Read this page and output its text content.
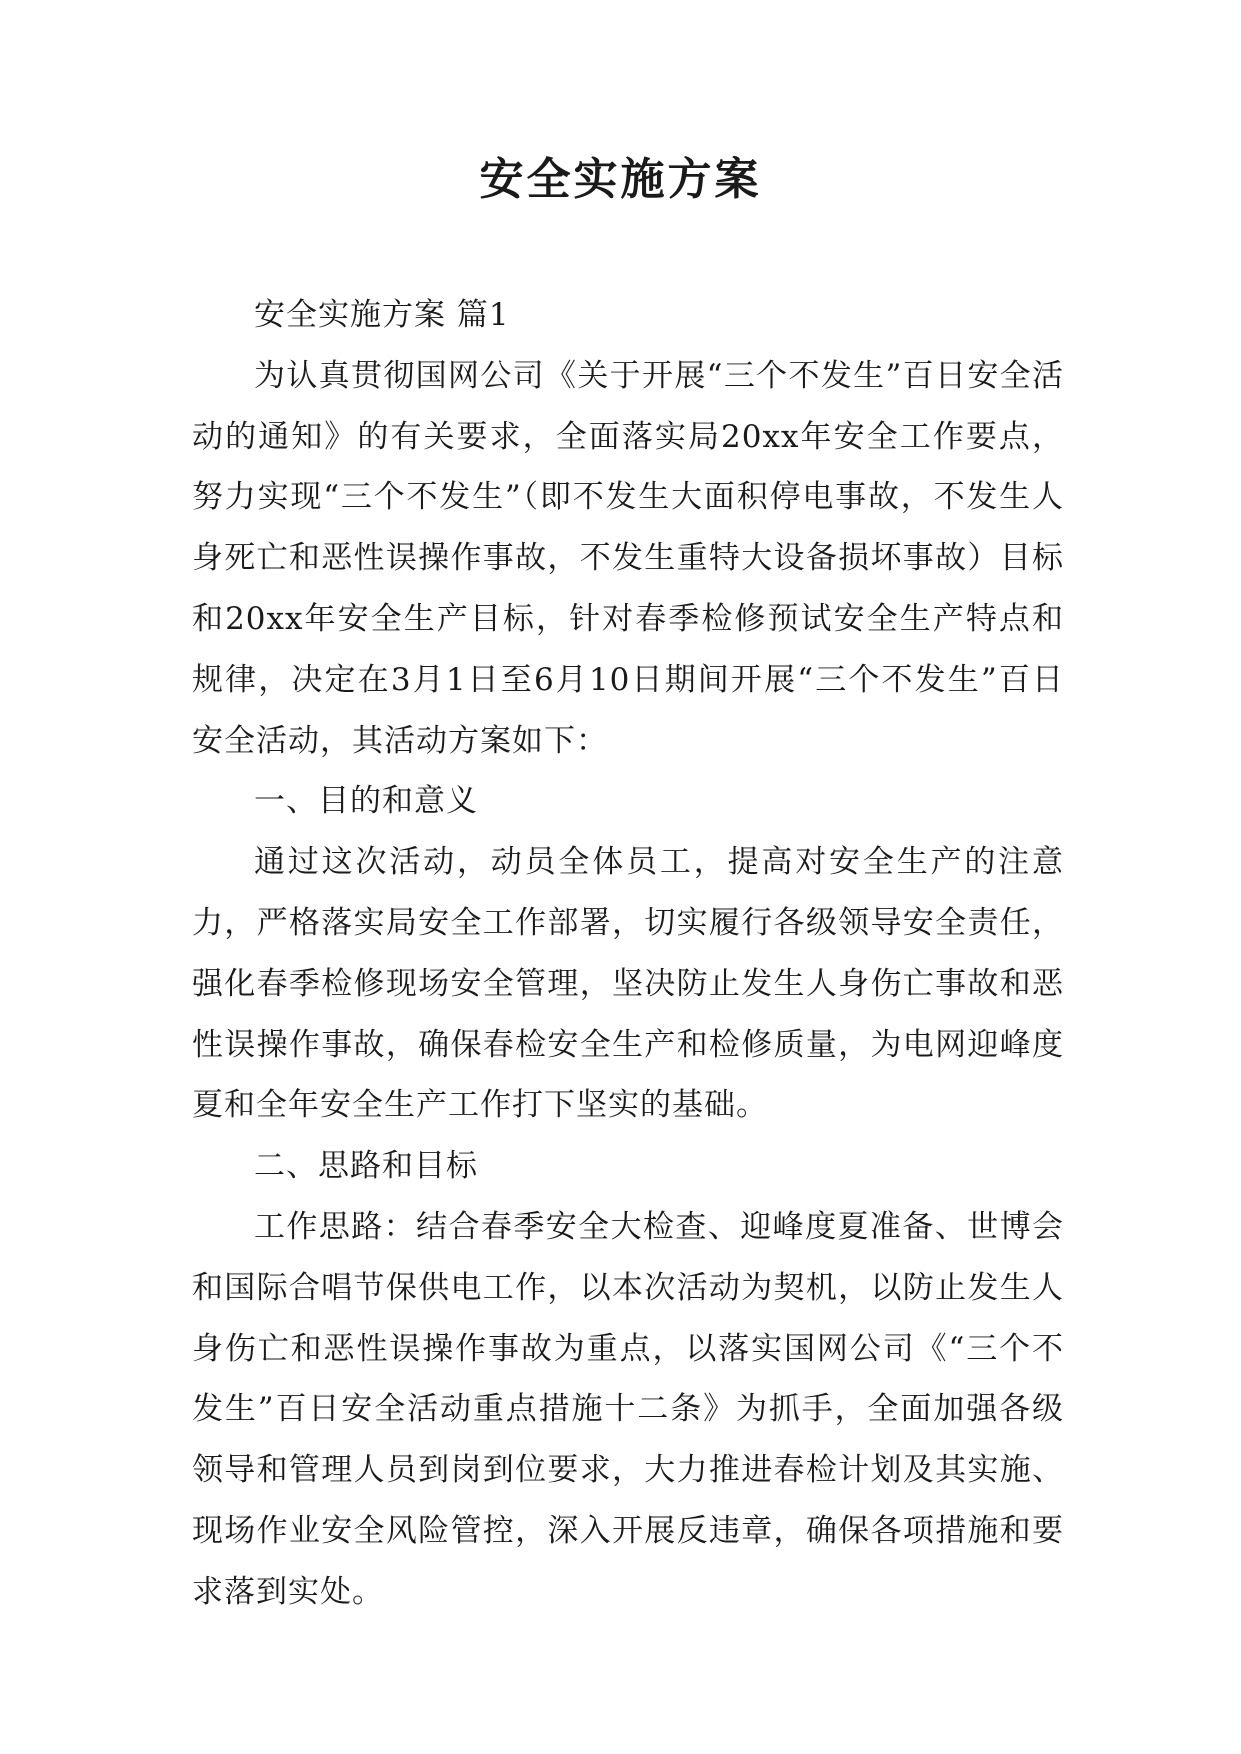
安全实施方案

安全实施方案 篇1

为认真贯彻国网公司《关于开展“三个不发生”百日安全活动的通知》的有关要求，全面落实局20xx年安全工作要点，努力实现“三个不发生”（即不发生大面积停电事故，不发生人身死亡和恶性误操作事故，不发生重特大设备损坏事故）目标和20xx年安全生产目标，针对春季检修预试安全生产特点和规律，决定在3月1日至6月10日期间开展“三个不发生”百日安全活动，其活动方案如下：

一、目的和意义

通过这次活动，动员全体员工，提高对安全生产的注意力，严格落实局安全工作部署，切实履行各级领导安全责任，强化春季检修现场安全管理，坚决防止发生人身伤亡事故和恶性误操作事故，确保春检安全生产和检修质量，为电网迎峰度夏和全年安全生产工作打下坚实的基础。

二、思路和目标

工作思路：结合春季安全大检查、迎峰度夏准备、世博会和国际合唱节保供电工作，以本次活动为契机，以防止发生人身伤亡和恶性误操作事故为重点，以落实国网公司《“三个不发生”百日安全活动重点措施十二条》为抓手，全面加强各级领导和管理人员到岗到位要求，大力推进春检计划及其实施、现场作业安全风险管控，深入开展反违章，确保各项措施和要求落到实处。
